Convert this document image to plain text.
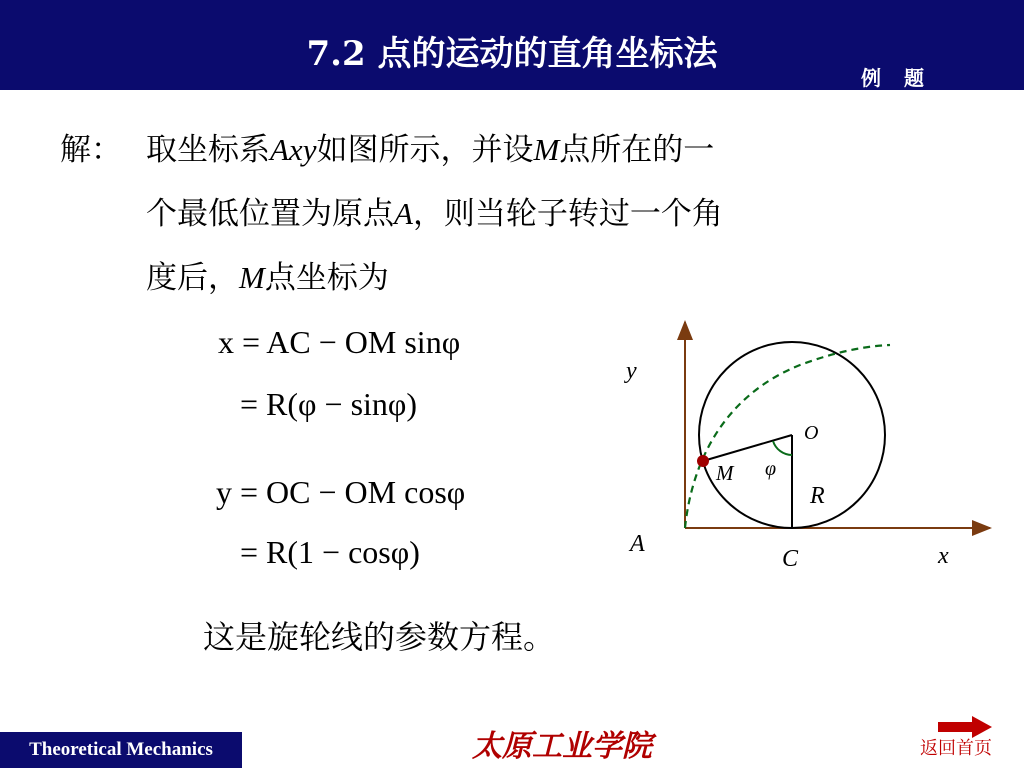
7.2 点的运动的直角坐标法
例 题
解： 取坐标系Axy如图所示，并设M点所在的一
个最低位置为原点A，则当轮子转过一个角
度后，M点坐标为
x = AC − OM sinφ
= R(φ − sinφ)
y = OC − OM cosφ
= R(1 − cosφ)
y
x
O
M φ
R
A
C
这是旋轮线的参数方程。
Theoretical Mechanics	太原工业学院	返回首页
